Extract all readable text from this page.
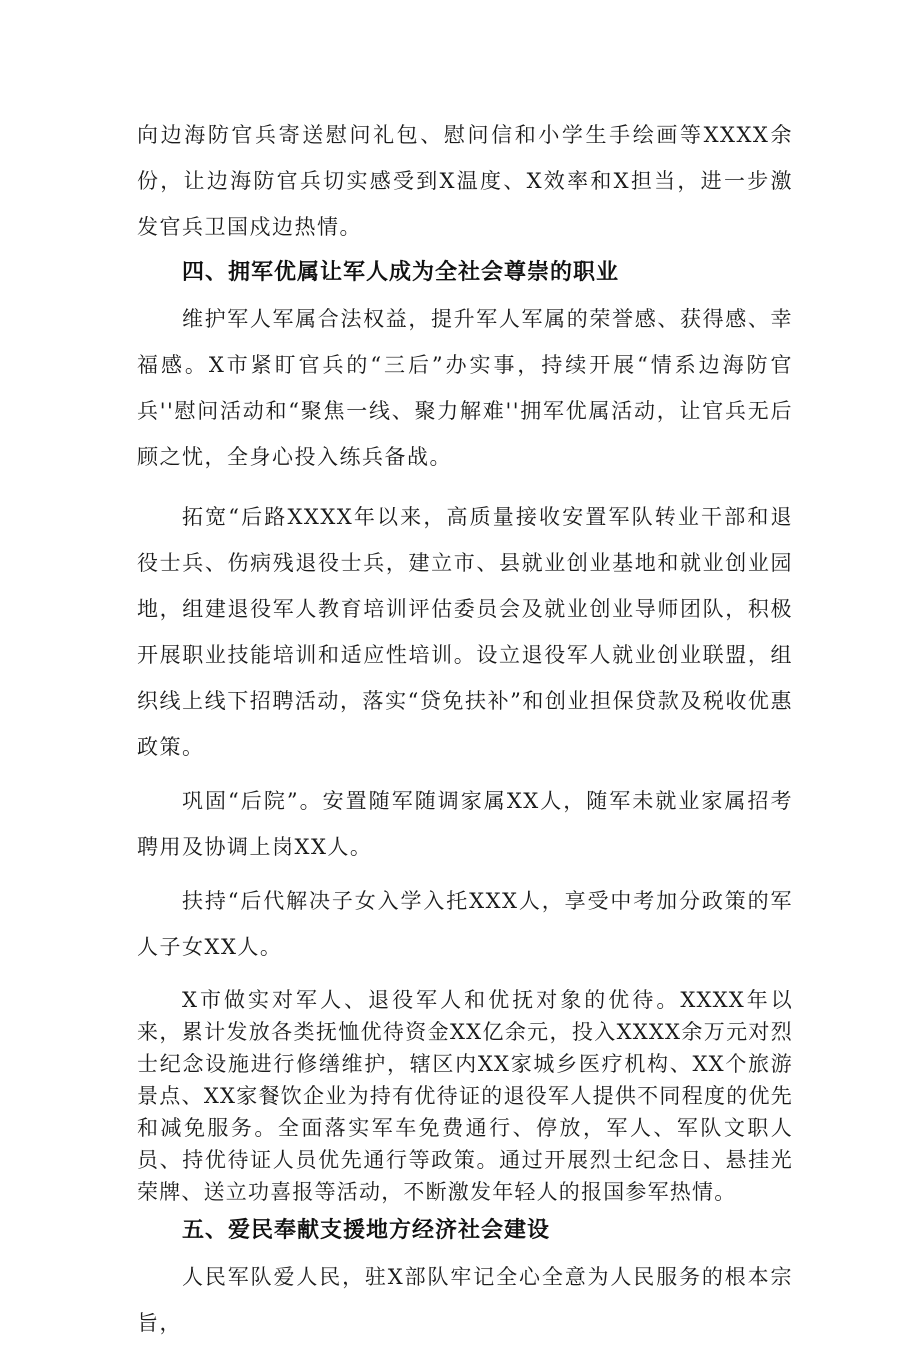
向边海防官兵寄送慰问礼包、慰问信和小学生手绘画等XXXX余份，让边海防官兵切实感受到X温度、X效率和X担当，进一步激发官兵卫国戍边热情。

四、拥军优属让军人成为全社会尊崇的职业

维护军人军属合法权益，提升军人军属的荣誉感、获得感、幸福感。X市紧盯官兵的“三后”办实事，持续开展“情系边海防官兵''慰问活动和“聚焦一线、聚力解难''拥军优属活动，让官兵无后顾之忧，全身心投入练兵备战。

拓宽“后路XXXX年以来，高质量接收安置军队转业干部和退役士兵、伤病残退役士兵，建立市、县就业创业基地和就业创业园地，组建退役军人教育培训评估委员会及就业创业导师团队，积极开展职业技能培训和适应性培训。设立退役军人就业创业联盟，组织线上线下招聘活动，落实“贷免扶补”和创业担保贷款及税收优惠政策。

巩固“后院”。安置随军随调家属XX人，随军未就业家属招考聘用及协调上岗XX人。

扶持“后代解决子女入学入托XXX人，享受中考加分政策的军人子女XX人。

X市做实对军人、退役军人和优抚对象的优待。XXXX年以来，累计发放各类抚恤优待资金XX亿余元，投入XXXX余万元对烈士纪念设施进行修缮维护，辖区内XX家城乡医疗机构、XX个旅游景点、XX家餐饮企业为持有优待证的退役军人提供不同程度的优先和减免服务。全面落实军车免费通行、停放，军人、军队文职人员、持优待证人员优先通行等政策。通过开展烈士纪念日、悬挂光荣牌、送立功喜报等活动，不断激发年轻人的报国参军热情。

五、爱民奉献支援地方经济社会建设

人民军队爱人民，驻X部队牢记全心全意为人民服务的根本宗旨，
